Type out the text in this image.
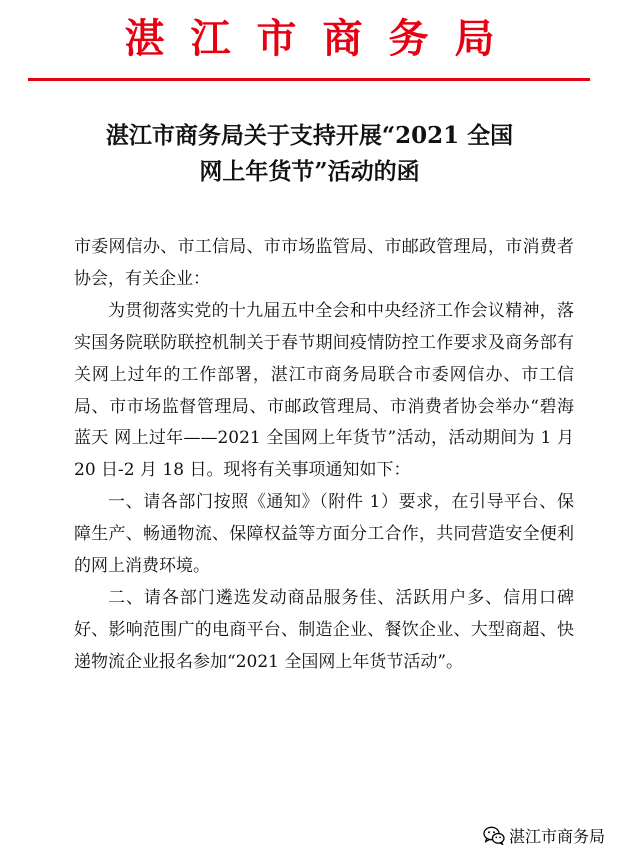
湛江市商务局
湛江市商务局关于支持开展“2021 全国
网上年货节”活动的函

市委网信办、市工信局、市市场监管局、市邮政管理局，市消费者协会，有关企业：

为贯彻落实党的十九届五中全会和中央经济工作会议精神，落实国务院联防联控机制关于春节期间疫情防控工作要求及商务部有关网上过年的工作部署，湛江市商务局联合市委网信办、市工信局、市市场监督管理局、市邮政管理局、市消费者协会举办“碧海蓝天 网上过年——2021 全国网上年货节”活动，活动期间为 1 月 20 日-2 月 18 日。现将有关事项通知如下：

一、请各部门按照《通知》（附件 1）要求，在引导平台、保障生产、畅通物流、保障权益等方面分工合作，共同营造安全便利的网上消费环境。

二、请各部门遴选发动商品服务佳、活跃用户多、信用口碑好、影响范围广的电商平台、制造企业、餐饮企业、大型商超、快递物流企业报名参加“2021 全国网上年货节活动”。

湛江市商务局
